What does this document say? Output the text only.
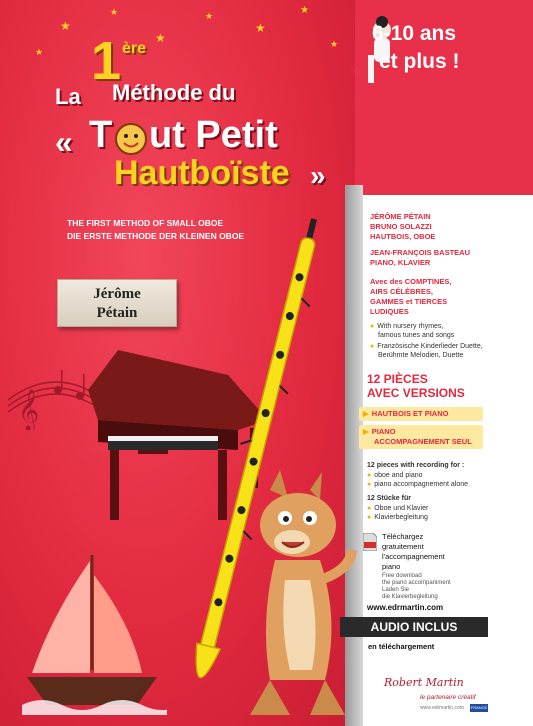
★
★
★
★
★
★
★
★

La

1 ère

Méthode du

« T ut Petit

Hautboïste »

6-10 ans

et plus !

THE FIRST METHOD OF SMALL OBOE

DIE ERSTE METHODE DER KLEINEN OBOE

Jérôme
Pétain
𝄞

JÉRÔME PÉTAIN

BRUNO SOLAZZI

HAUTBOIS, OBOE

JEAN-FRANÇOIS BASTEAU

PIANO, KLAVIER

Avec des COMPTINES,

AIRS CÉLÈBRES,

GAMMES et TIERCES

LUDIQUES

● With nursery rhymes,

famous tunes and songs

● Französische Kinderlieder Duette,

Berühmte Melodien, Duette

12 PIÈCES

AVEC VERSIONS

▶ HAUTBOIS ET PIANO

▶ PIANO

ACCOMPAGNEMENT SEUL

12 pieces with recording for :

● oboe and piano

● piano accompagnement alone

12 Stücke für

● Oboe und Klavier

● Klavierbegleitung

Téléchargez

gratuitement

l'accompagnement

piano

Free download

the piano accompaniment

Laden Sie

die Klavierbegleitung

www.edrmartin.com

AUDIO INCLUS

en téléchargement

Robert Martin

le partenaire créatif

www.edrmartin.com FRANCE
